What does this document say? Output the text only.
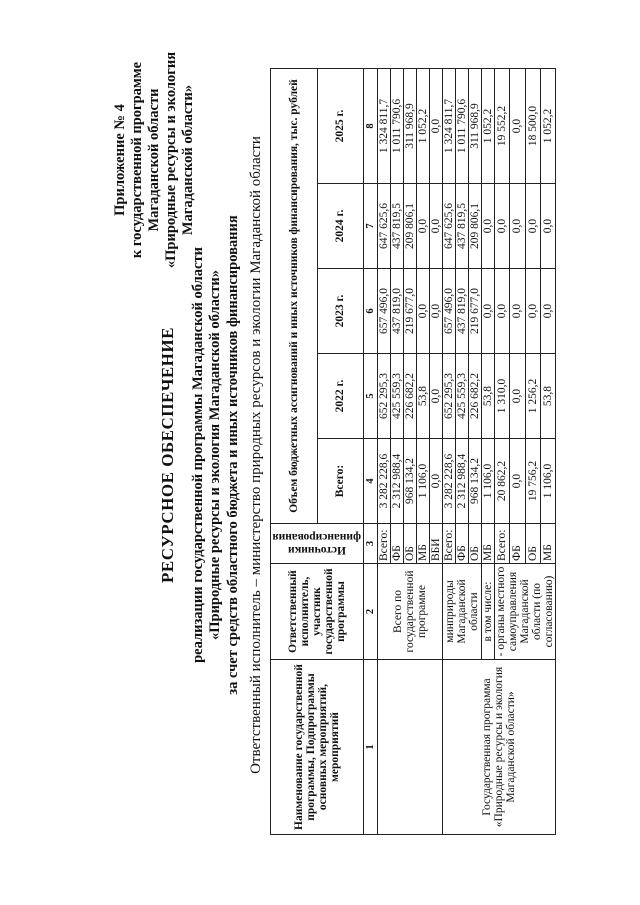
Приложение № 4 к государственной программе Магаданской области «Природные ресурсы и экология Магаданской области»
РЕСУРСНОЕ ОБЕСПЕЧЕНИЕ реализации государственной программы Магаданской области «Природные ресурсы и экология Магаданской области» за счет средств областного бюджета и иных источников финансирования Ответственный исполнитель – министерство природных ресурсов и экологии Магаданской области	Наименование государственной программы, Подпрограммы основных мероприятий, мероприятий	Ответственный исполнитель, участник государственной программы	Источники финансирования	Объем бюджетных ассигнований и иных источников финансирования, тыс. рублей				
			Всего:	2022 г.	2023 г.	2024 г.	2025 г.
1	2	3	4	5	6	7	8
	Всего по государственной программе	Всего:	3 282 228,6	652 295,3	657 496,0	647 625,6	1 324 811,7
		ФБ	2 312 988,4	425 559,3	437 819,0	437 819,5	1 011 790,6
		ОБ	968 134,2	226 682,2	219 677,0	209 806,1	311 968,9
		МБ	1 106,0	53,8	0,0	0,0	1 052,2
		ВБИ	0,0	0,0	0,0	0,0	0,0
Государственная программа «Природные ресурсы и экология Магаданской области»	минприроды Магаданской области	Всего:	3 282 228,6	652 295,3	657 496,0	647 625,6	1 324 811,7
		ФБ	2 312 988,4	425 559,3	437 819,0	437 819,5	1 011 790,6
		ОБ	968 134,2	226 682,2	219 677,0	209 806,1	311 968,9
	в том числе:	МБ	1 106,0	53,8	0,0	0,0	1 052,2
	- органы местного самоуправления Магаданской области (по согласованию)	Всего:	20 862,2	1 310,0	0,0	0,0	19 552,2
		ФБ	0,0	0,0	0,0	0,0	0,0
		ОБ	19 756,2	1 256,2	0,0	0,0	18 500,0
		МБ	1 106,0	53,8	0,0	0,0	1 052,2
